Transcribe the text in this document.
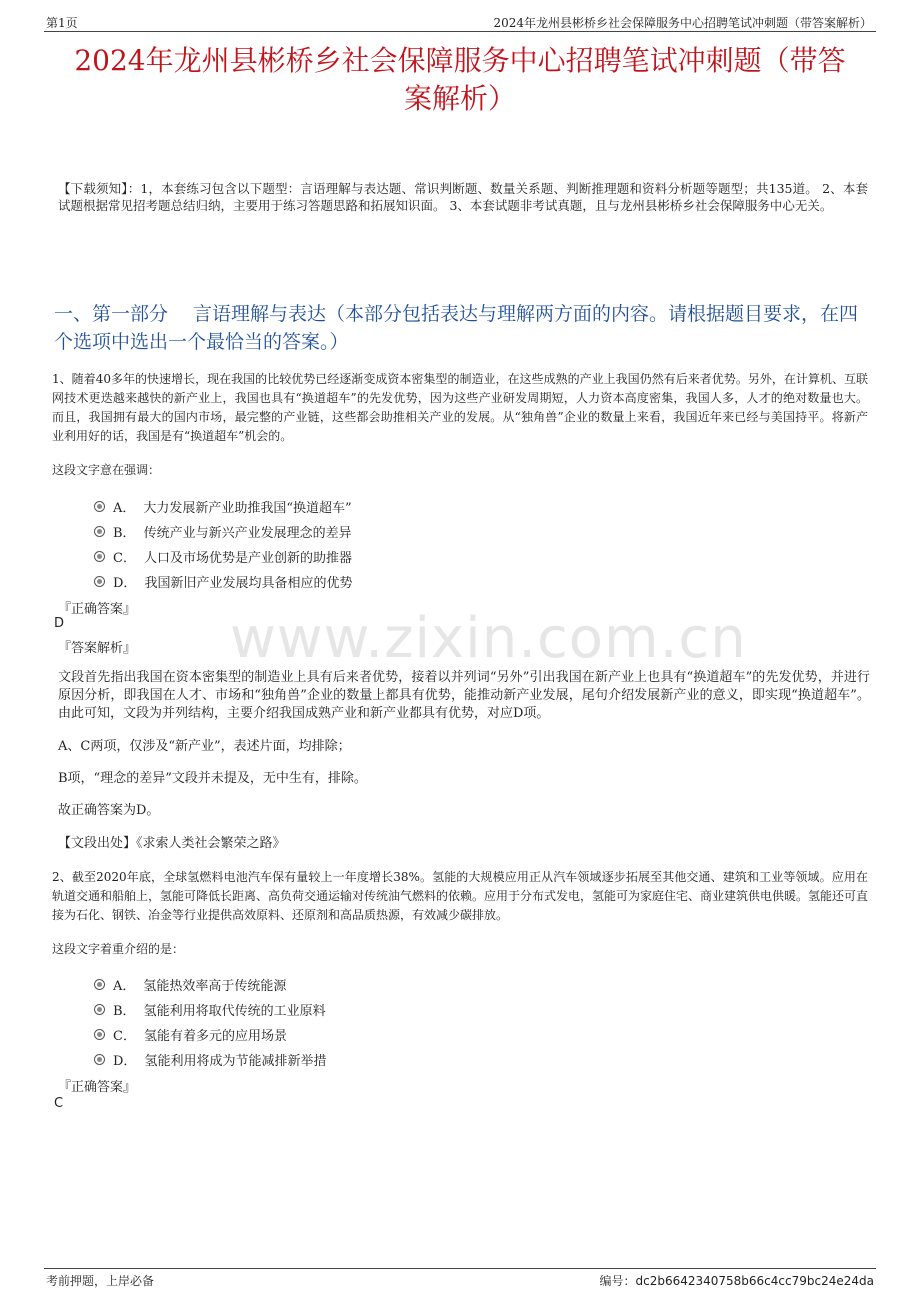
第1页	2024年龙州县彬桥乡社会保障服务中心招聘笔试冲刺题（带答案解析）
2024年龙州县彬桥乡社会保障服务中心招聘笔试冲刺题（带答
案解析）
【下载须知】：1，本套练习包含以下题型：言语理解与表达题、常识判断题、数量关系题、判断推理题和资料分析题等题型；共135道。 2、本套试题根据常见招考题总结归纳，主要用于练习答题思路和拓展知识面。 3、本套试题非考试真题，且与龙州县彬桥乡社会保障服务中心无关。
一、第一部分　 言语理解与表达（本部分包括表达与理解两方面的内容。请根据题目要求，在四个选项中选出一个最恰当的答案。）
www.zixin.com.cn
1、随着40多年的快速增长，现在我国的比较优势已经逐渐变成资本密集型的制造业，在这些成熟的产业上我国仍然有后来者优势。另外，在计算机、互联网技术更迭越来越快的新产业上，我国也具有“换道超车”的先发优势，因为这些产业研发周期短，人力资本高度密集，我国人多，人才的绝对数量也大。而且，我国拥有最大的国内市场，最完整的产业链，这些都会助推相关产业的发展。从“独角兽”企业的数量上来看，我国近年来已经与美国持平。将新产业利用好的话，我国是有“换道超车”机会的。
这段文字意在强调：
A． 大力发展新产业助推我国“换道超车”
B． 传统产业与新兴产业发展理念的差异
C． 人口及市场优势是产业创新的助推器
D． 我国新旧产业发展均具备相应的优势
『正确答案』
D
『答案解析』
文段首先指出我国在资本密集型的制造业上具有后来者优势，接着以并列词“另外”引出我国在新产业上也具有“换道超车”的先发优势，并进行原因分析，即我国在人才、市场和“独角兽”企业的数量上都具有优势，能推动新产业发展，尾句介绍发展新产业的意义，即实现“换道超车”。由此可知，文段为并列结构，主要介绍我国成熟产业和新产业都具有优势，对应D项。
A、C两项，仅涉及“新产业”，表述片面，均排除；
B项，“理念的差异”文段并未提及，无中生有，排除。
故正确答案为D。
【文段出处】《求索人类社会繁荣之路》
2、截至2020年底，全球氢燃料电池汽车保有量较上一年度增长38%。氢能的大规模应用正从汽车领域逐步拓展至其他交通、建筑和工业等领域。应用在轨道交通和船舶上，氢能可降低长距离、高负荷交通运输对传统油气燃料的依赖。应用于分布式发电，氢能可为家庭住宅、商业建筑供电供暖。氢能还可直接为石化、钢铁、冶金等行业提供高效原料、还原剂和高品质热源，有效减少碳排放。
这段文字着重介绍的是：
A． 氢能热效率高于传统能源
B． 氢能利用将取代传统的工业原料
C． 氢能有着多元的应用场景
D． 氢能利用将成为节能减排新举措
『正确答案』
C
考前押题，上岸必备	编号：dc2b6642340758b66c4cc79bc24e24da
